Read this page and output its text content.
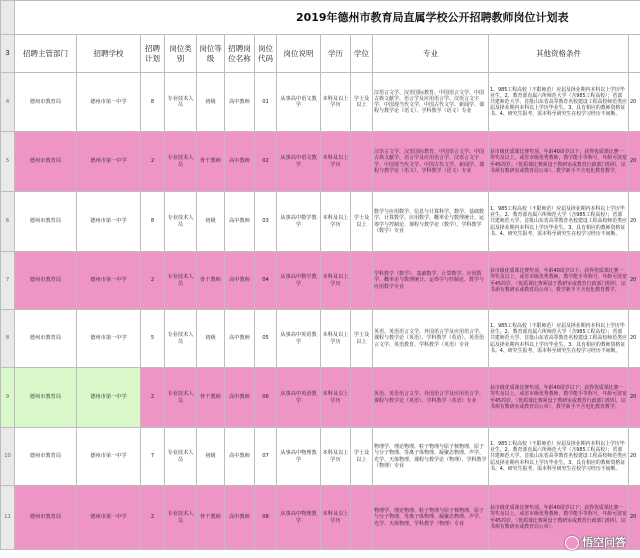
						2019年德州市教育局直属学校公开招聘教师岗位计划表							
3	招聘主管部门	招聘学校	招聘计划	岗位类别	岗位等级	招聘岗位名称	岗位代码	岗位说明	学历	学位	专业	其他资格条件	
4	德州市教育局	德州市第一中学	8	专业技术人员	初级	高中教师	01	从事高中语文教学	本科及以上学历	学士及以上	汉语言文学、汉语国际教育、中国语言文学、中国古典文献学、语言学及应用语言学、汉语言文字学、中国现当代文学、中国古代文学、新闻学、课程与教学论（语文）、学科教学（语文）专业	1、985工程高校（不限师范）应届及择业期内本科以上学历毕业生。2、教育部直属六所师范大学（含985工程高校）；省部共建师范大学、首批山东省高等教育名校建设工程高校师范类应届及择业期内本科以上学历毕业生。3、具有相应的教师资格证书。4、研究生报考，需本科至研究生在校学习经历不间断。	20
5	德州市教育局	德州市第一中学	2	专业技术人员	骨干教师	高中教师	02	从事高中语文教学	本科及以上学历		汉语言文学、汉语国际教育、中国语言文学、中国古典文献学、语言学及应用语言学、汉语言文字学、中国现当代文学、中国古代文学、新闻学、课程与教学论（语文）、学科教学（语文）专业	获市级优质课比赛奖项，年龄40周岁以下；获得优质课比赛一等奖及以上，或省市级优秀教师，教学能手等称号，年龄可放宽至45周岁。（优质课比赛须设于教研室或教育行政部门组织，证书须有教研室或教育局公章）。教学新手不含电化教育教学。	20
6	德州市教育局	德州市第一中学	8	专业技术人员	初级	高中教师	03	从事高中数学教学	本科及以上学历	学士及以上	数学与应用数学、信息与计算科学、数学、基础数学、计算数学、应用数学、概率论与数理统计、运筹学与控制论、课程与教学论（数学）、学科教学（数学）专业	1、985工程高校（不限师范）应届及择业期内本科以上学历毕业生。2、教育部直属六所师范大学（含985工程高校）；省部共建师范大学、首批山东省高等教育名校建设工程高校师范类应届及择业期内本科以上学历毕业生。3、具有相应的教师资格证书。4、研究生报考，需本科至研究生在校学习经历不间断。	20
7	德州市教育局	德州市第一中学	2	专业技术人员	骨干教师	高中教师	04	从事高中数学教学	本科及以上学历		学科教学（数学）、基础数学、计算数学、应用数学、概率论与数理统计、运筹学与控制论、数学与应用数学专业	获市级优质课比赛奖项，年龄40周岁以下；获得优质课比赛一等奖及以上，或省市级优秀教师，教学能手等称号，年龄可放宽至45周岁。（优质课比赛须设于教研室或教育行政部门组织，证书须有教研室或教育局公章）。教学新手不含电化教育教学。	20
8	德州市教育局	德州市第一中学	5	专业技术人员	初级	高中教师	05	从事高中英语教学	本科及以上学历	学士及以上	英语、英语语言文学、外国语言学及应用语言学、课程与教学论（英语）、学科教学（英语）、英语语言文学、英语教育、学科教学（英语）专业	1、985工程高校（不限师范）应届及择业期内本科以上学历毕业生。2、教育部直属六所师范大学（含985工程高校）；省部共建师范大学、首批山东省高等教育名校建设工程高校师范类应届及择业期内本科以上学历毕业生。3、具有相应的教师资格证书。4、研究生报考，需本科至研究生在校学习经历不间断。	20
9	德州市教育局	德州市第一中学	2	专业技术人员	骨干教师	高中教师	06	从事高中英语教学	本科及以上学历		英语、英语语言文学、外国语言学及应用语言学、课程与教学论（英语）、学科教学（英语）专业	获市级优质课比赛奖项，年龄40周岁以下；获得优质课比赛一等奖及以上，或省市级优秀教师，教学能手等称号，年龄可放宽至45周岁。（优质课比赛须设于教研室或教育行政部门组织，证书须有教研室或教育局公章）。教学新手不含电化教育教学。	20
10	德州市教育局	德州市第一中学	7	专业技术人员	初级	高中教师	07	从事高中物理教学	本科及以上学历	学士及以上	物理学、理论物理、粒子物理与原子核物理、原子与分子物理、等离子体物理、凝聚态物理、声学、光学、天体物理、课程与教学论（物理）、学科教学（物理）专业	1、985工程高校（不限师范）应届及择业期内本科以上学历毕业生。2、教育部直属六所师范大学（含985工程高校）；省部共建师范大学、首批山东省高等教育名校建设工程高校师范类应届及择业期内本科以上学历毕业生。3、具有相应的教师资格证书。4、研究生报考，需本科至研究生在校学习经历不间断。	20
11	德州市教育局	德州市第一中学	2	专业技术人员	骨干教师	高中教师	08	从事高中物理教学	本科及以上学历		物理学、理论物理、粒子物理与原子核物理、原子与分子物理、等离子体物理、凝聚态物理、声学、光学、天体物理、学科教学（物理）专业	获市级优质课比赛奖项，年龄40周岁以下；获得优质课比赛一等奖及以上，或省市级优秀教师，教学能手等称号，年龄可放宽至45周岁。（优质课比赛须设于教研室或教育行政部门组织，证书须有教研室或教育局公章）。	20
悟空问答
